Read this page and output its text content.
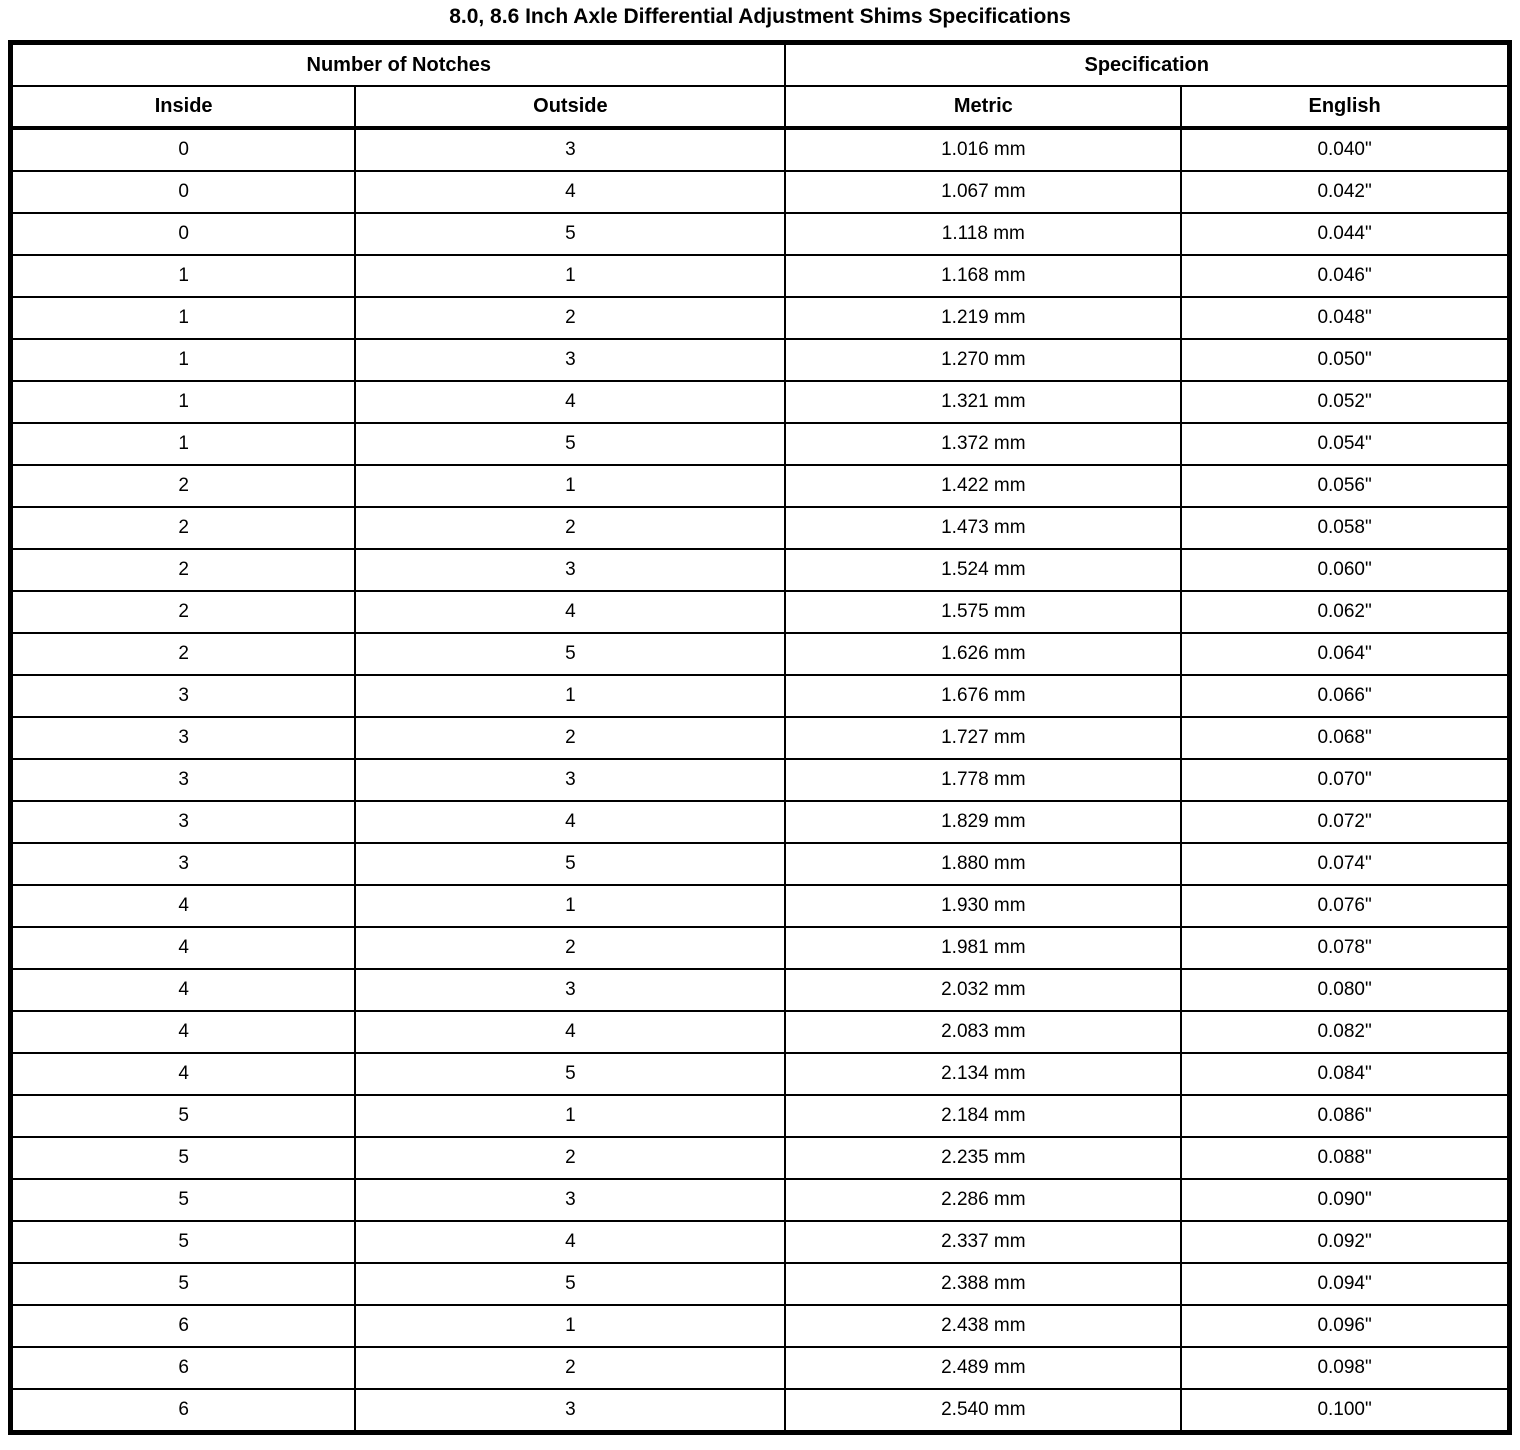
8.0, 8.6 Inch Axle Differential Adjustment Shims Specifications
Number of Notches		Specification	
Inside	Outside	Metric	English
0	3	1.016 mm	0.040"
0	4	1.067 mm	0.042"
0	5	1.118 mm	0.044"
1	1	1.168 mm	0.046"
1	2	1.219 mm	0.048"
1	3	1.270 mm	0.050"
1	4	1.321 mm	0.052"
1	5	1.372 mm	0.054"
2	1	1.422 mm	0.056"
2	2	1.473 mm	0.058"
2	3	1.524 mm	0.060"
2	4	1.575 mm	0.062"
2	5	1.626 mm	0.064"
3	1	1.676 mm	0.066"
3	2	1.727 mm	0.068"
3	3	1.778 mm	0.070"
3	4	1.829 mm	0.072"
3	5	1.880 mm	0.074"
4	1	1.930 mm	0.076"
4	2	1.981 mm	0.078"
4	3	2.032 mm	0.080"
4	4	2.083 mm	0.082"
4	5	2.134 mm	0.084"
5	1	2.184 mm	0.086"
5	2	2.235 mm	0.088"
5	3	2.286 mm	0.090"
5	4	2.337 mm	0.092"
5	5	2.388 mm	0.094"
6	1	2.438 mm	0.096"
6	2	2.489 mm	0.098"
6	3	2.540 mm	0.100"
